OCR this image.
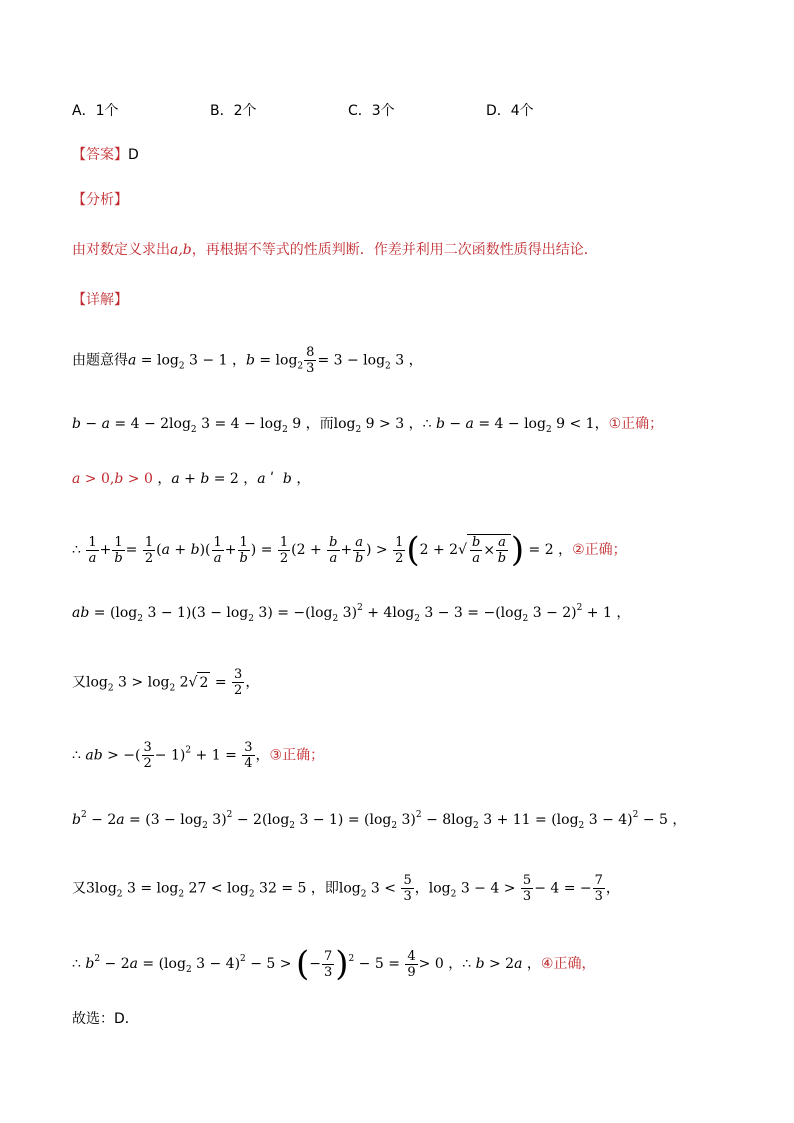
A．1个	B．2个	C．3个	D．4个
【答案】D
【分析】
由对数定义求出a,b，再根据不等式的性质判断．作差并利用二次函数性质得出结论．
【详解】
由题意得$a = \log_2 3 - 1$ ，$b = \log_2 \frac{8}{3} = 3 - \log_2 3$ ，
$b - a = 4 - 2\log_2$ $3 = 4 - \log_2 9$ ，而$\log_2 9 > 3$ ，∴ $b - a = 4 - \log_2 9 < 1$，①正确；
a > 0,b > 0 ，a + b = 2 ，a ʹ  b ，
∴ $\frac{1}{a} + \frac{1}{b} = \frac{1}{2} (a + b)( \frac{1}{a} + \frac{1}{b}$ ) = $\frac{1}{2} (2 + \frac{b}{a} + \frac{a}{b}$ ) > $\frac{1}{2} (2 + 2√ \frac{b}{a} \times \frac{a}{b}$ ) = 2 ，②正确；
ab = ($\log_2$ $3 - 1)(3 - \log_2 3) = -(\log_2$ $3)^2 + 4\log_2$ $3 - 3 = -(\log_2$ 3 − 2)$^2$ + 1 ，
又$\log_2 3 > \log_2 2√$ $2 = \frac{3}{2}$ ，
∴ ab > −( $\frac{3}{2} - 1)^2 + 1 = \frac{3}{4}$ ，③正确；
$b^2 - 2a = (3 - \log_2 3)^2 - 2(\log_2$ $3 - 1) = (\log_2$ $3)^2 - 8\log_2$ $3 + 11 = (\log_2$ 3 − 4)$^2$ − 5 ，
又$3\log_2$ $3 = \log_2 27 < \log_2 32 = 5$ ，即$\log_2 3 < \frac{5}{3}$ ，$\log_2 3 - 4 > \frac{5}{3} - 4$ = − $\frac{7}{3}$ ，
∴ $b^2 - 2a = (\log_2$ 3 − 4)$^2$ − 5 > (− $\frac{7}{3} )^2 - 5 = \frac{4}{9} > 0$ ，∴ b > 2a ，④正确，
故选：D．
